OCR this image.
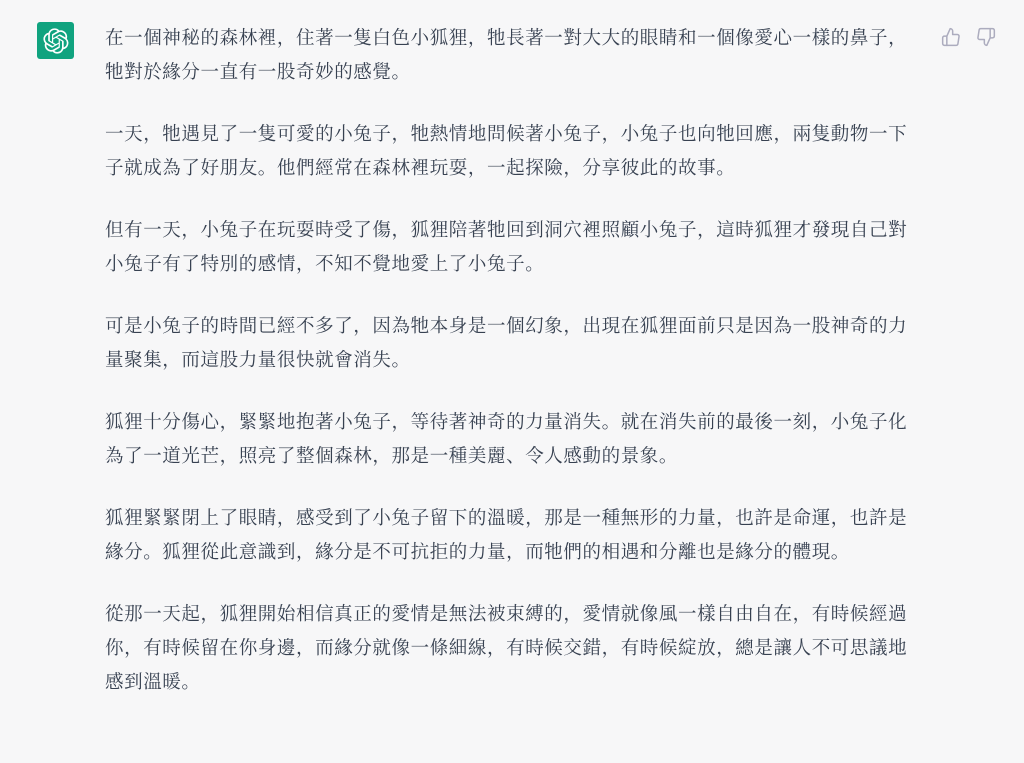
在一個神秘的森林裡，住著一隻白色小狐狸，牠長著一對大大的眼睛和一個像愛心一樣的鼻子，牠對於緣分一直有一股奇妙的感覺。

一天，牠遇見了一隻可愛的小兔子，牠熱情地問候著小兔子，小兔子也向牠回應，兩隻動物一下子就成為了好朋友。他們經常在森林裡玩耍，一起探險，分享彼此的故事。

但有一天，小兔子在玩耍時受了傷，狐狸陪著牠回到洞穴裡照顧小兔子，這時狐狸才發現自己對小兔子有了特別的感情，不知不覺地愛上了小兔子。

可是小兔子的時間已經不多了，因為牠本身是一個幻象，出現在狐狸面前只是因為一股神奇的力量聚集，而這股力量很快就會消失。

狐狸十分傷心，緊緊地抱著小兔子，等待著神奇的力量消失。就在消失前的最後一刻，小兔子化為了一道光芒，照亮了整個森林，那是一種美麗、令人感動的景象。

狐狸緊緊閉上了眼睛，感受到了小兔子留下的溫暖，那是一種無形的力量，也許是命運，也許是緣分。狐狸從此意識到，緣分是不可抗拒的力量，而牠們的相遇和分離也是緣分的體現。

從那一天起，狐狸開始相信真正的愛情是無法被束縛的，愛情就像風一樣自由自在，有時候經過你，有時候留在你身邊，而緣分就像一條細線，有時候交錯，有時候綻放，總是讓人不可思議地感到溫暖。
